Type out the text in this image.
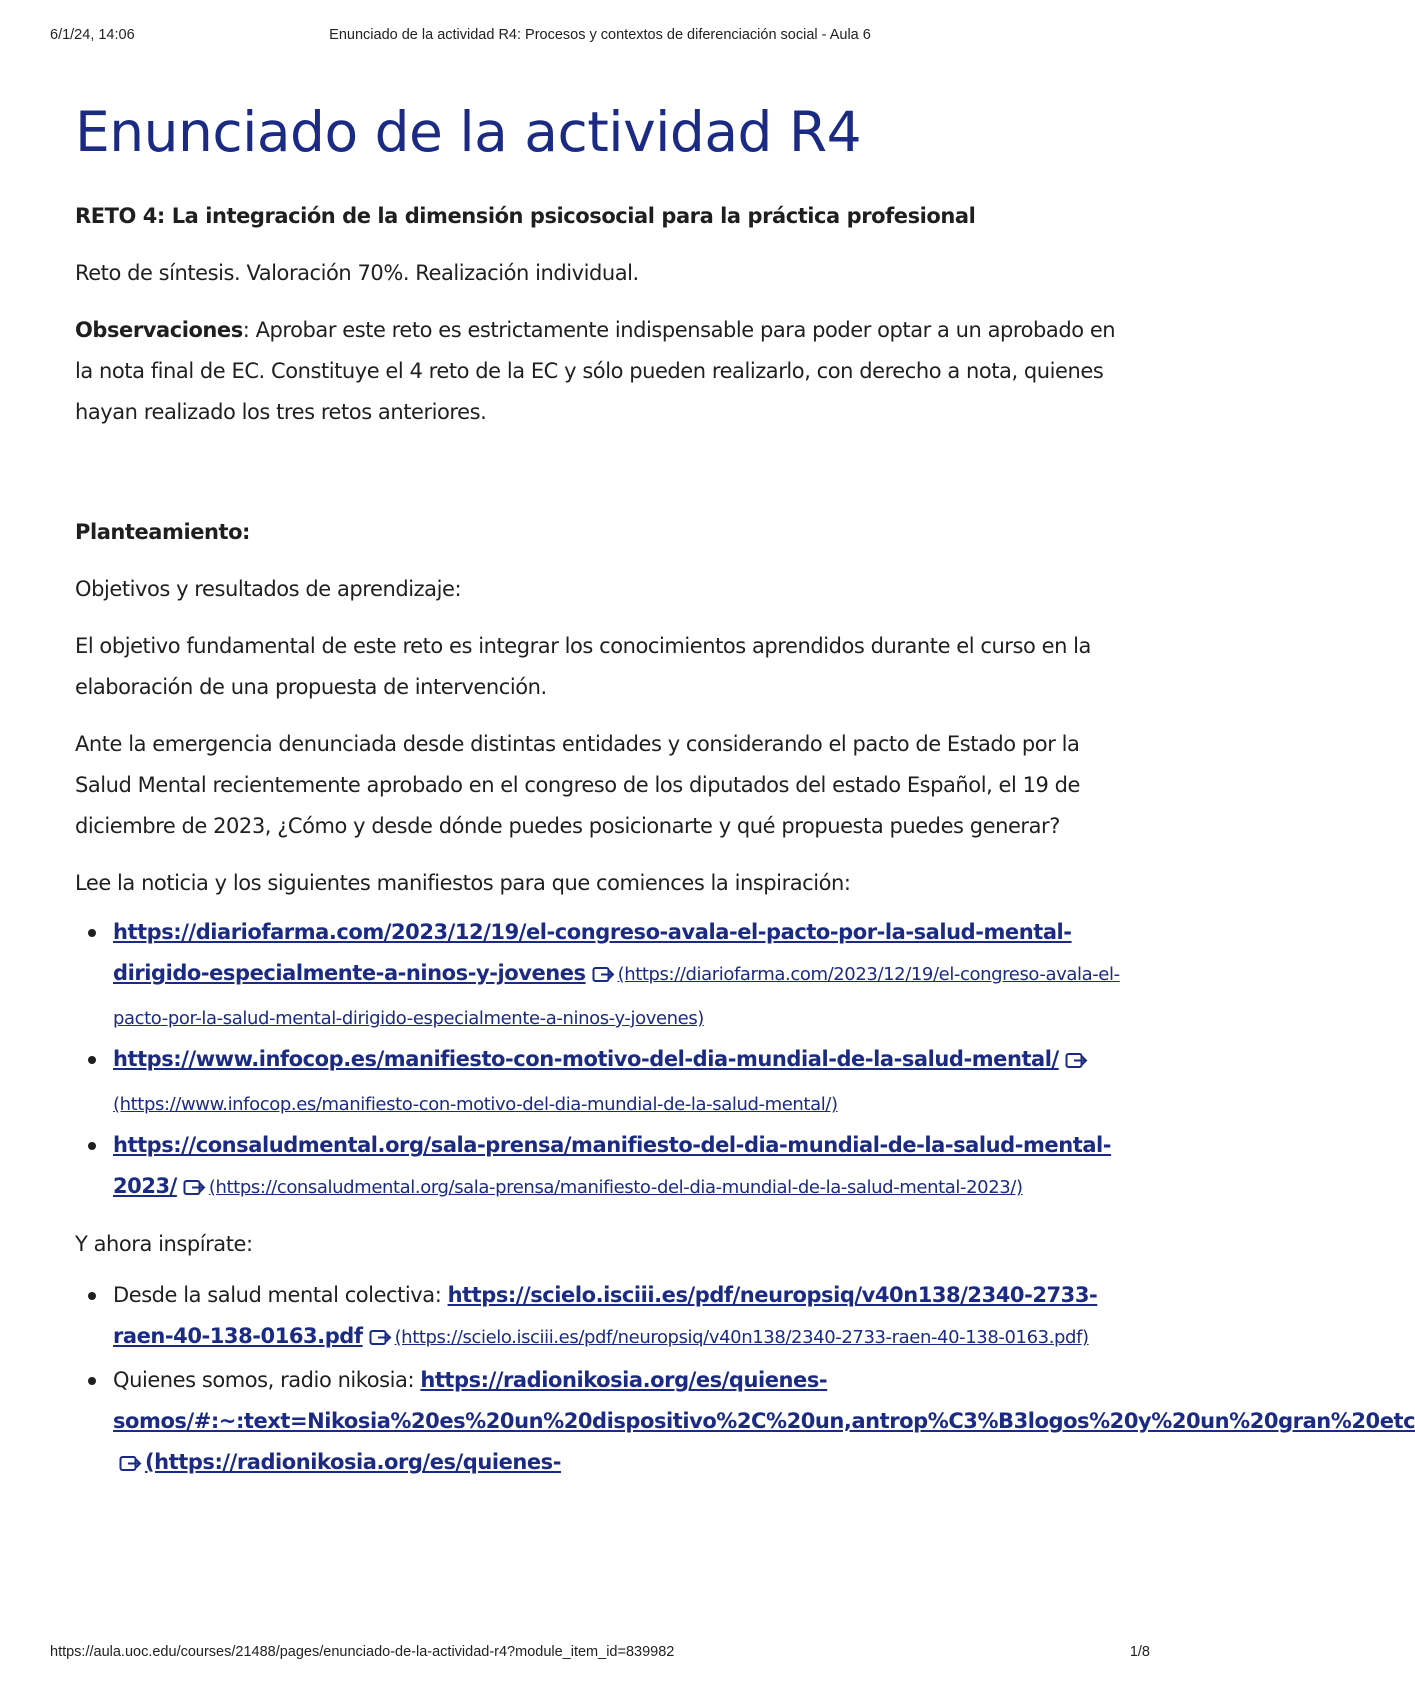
6/1/24, 14:06	Enunciado de la actividad R4: Procesos y contextos de diferenciación social - Aula 6
Enunciado de la actividad R4

RETO 4: La integración de la dimensión psicosocial para la práctica profesional

Reto de síntesis. Valoración 70%. Realización individual.

Observaciones: Aprobar este reto es estrictamente indispensable para poder optar a un aprobado en la nota final de EC. Constituye el 4 reto de la EC y sólo pueden realizarlo, con derecho a nota, quienes hayan realizado los tres retos anteriores.

Planteamiento:

Objetivos y resultados de aprendizaje:

El objetivo fundamental de este reto es integrar los conocimientos aprendidos durante el curso en la elaboración de una propuesta de intervención.

Ante la emergencia denunciada desde distintas entidades y considerando el pacto de Estado por la Salud Mental recientemente aprobado en el congreso de los diputados del estado Español, el 19 de diciembre de 2023, ¿Cómo y desde dónde puedes posicionarte y qué propuesta puedes generar?

Lee la noticia y los siguientes manifiestos para que comiences la inspiración:

https://diariofarma.com/2023/12/19/el-congreso-avala-el-pacto-por-la-salud-mental-dirigido-especialmente-a-ninos-y-jovenes (https://diariofarma.com/2023/12/19/el-congreso-avala-el-pacto-por-la-salud-mental-dirigido-especialmente-a-ninos-y-jovenes)
https://www.infocop.es/manifiesto-con-motivo-del-dia-mundial-de-la-salud-mental/(https://www.infocop.es/manifiesto-con-motivo-del-dia-mundial-de-la-salud-mental/)
https://consaludmental.org/sala-prensa/manifiesto-del-dia-mundial-de-la-salud-mental-2023/ (https://consaludmental.org/sala-prensa/manifiesto-del-dia-mundial-de-la-salud-mental-2023/)

Y ahora inspírate:

Desde la salud mental colectiva: https://scielo.isciii.es/pdf/neuropsiq/v40n138/2340-2733-raen-40-138-0163.pdf (https://scielo.isciii.es/pdf/neuropsiq/v40n138/2340-2733-raen-40-138-0163.pdf)
Quienes somos, radio nikosia: https://radionikosia.org/es/quienes-somos/#:~:text=Nikosia%20es%20un%20dispositivo%2C%20un,antrop%C3%B3logos%20y%20un%20gran%20etc(https://radionikosia.org/es/quienes-
https://aula.uoc.edu/courses/21488/pages/enunciado-de-la-actividad-r4?module_item_id=839982	1/8
